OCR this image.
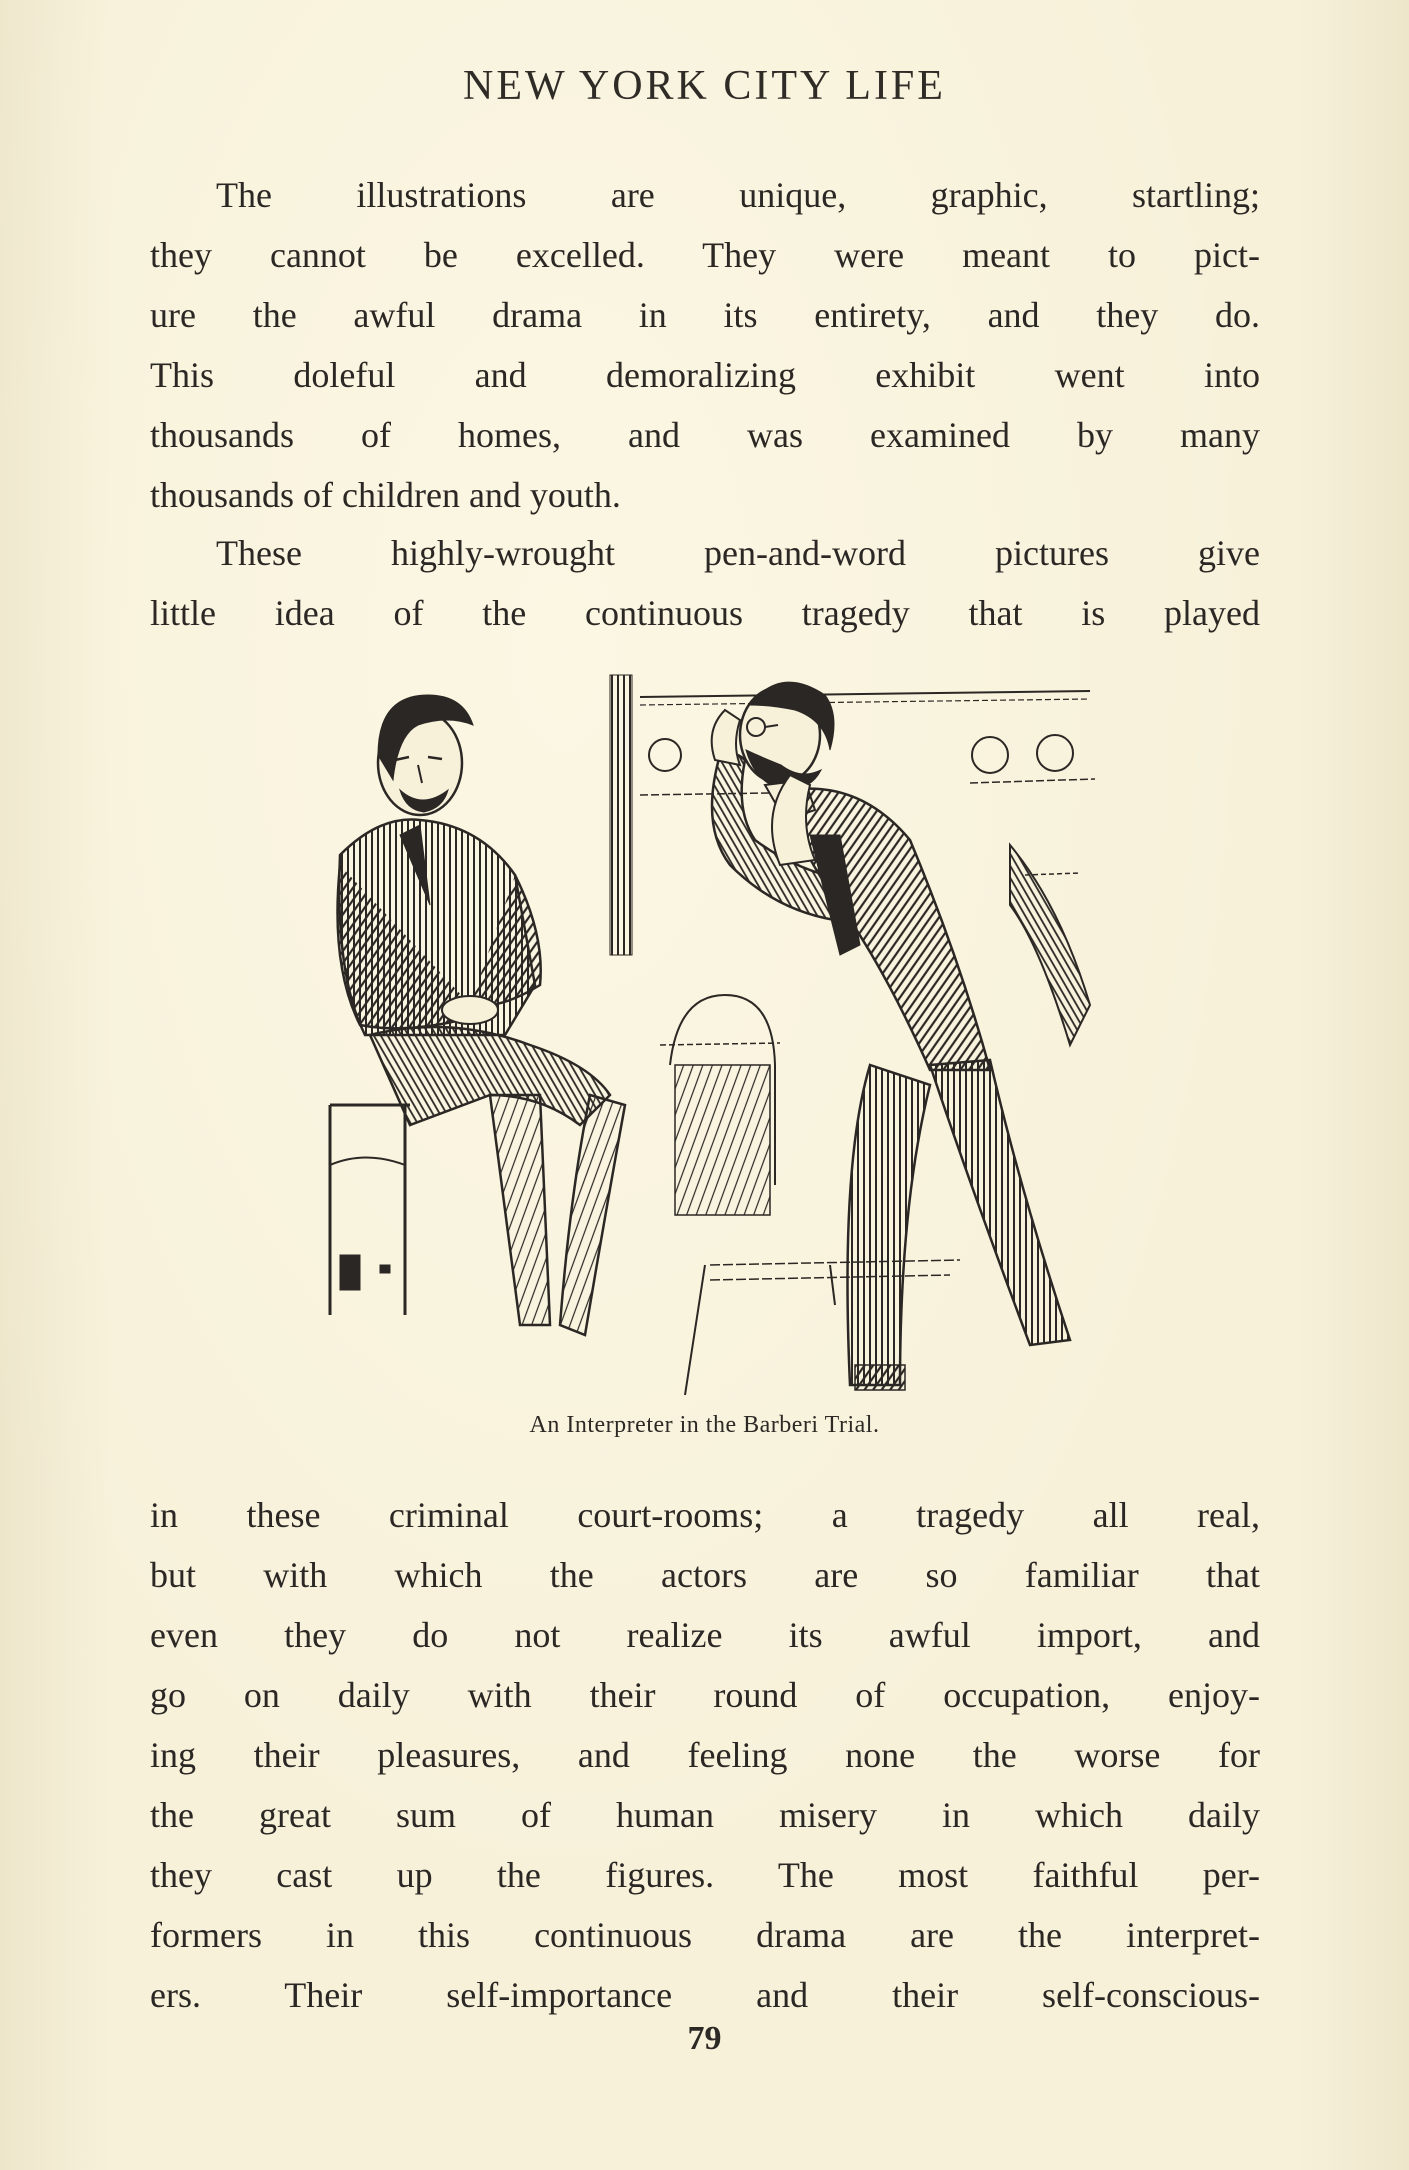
NEW YORK CITY LIFE
The illustrations are unique, graphic, startling;
they cannot be excelled. They were meant to pict-
ure the awful drama in its entirety, and they do.
This doleful and demoralizing exhibit went into
thousands of homes, and was examined by many
thousands of children and youth.
These highly-wrought pen-and-word pictures give
little idea of the continuous tragedy that is played
An Interpreter in the Barberi Trial.
in these criminal court-rooms; a tragedy all real,
but with which the actors are so familiar that
even they do not realize its awful import, and
go on daily with their round of occupation, enjoy-
ing their pleasures, and feeling none the worse for
the great sum of human misery in which daily
they cast up the figures. The most faithful per-
formers in this continuous drama are the interpret-
ers. Their self-importance and their self-conscious-
79
